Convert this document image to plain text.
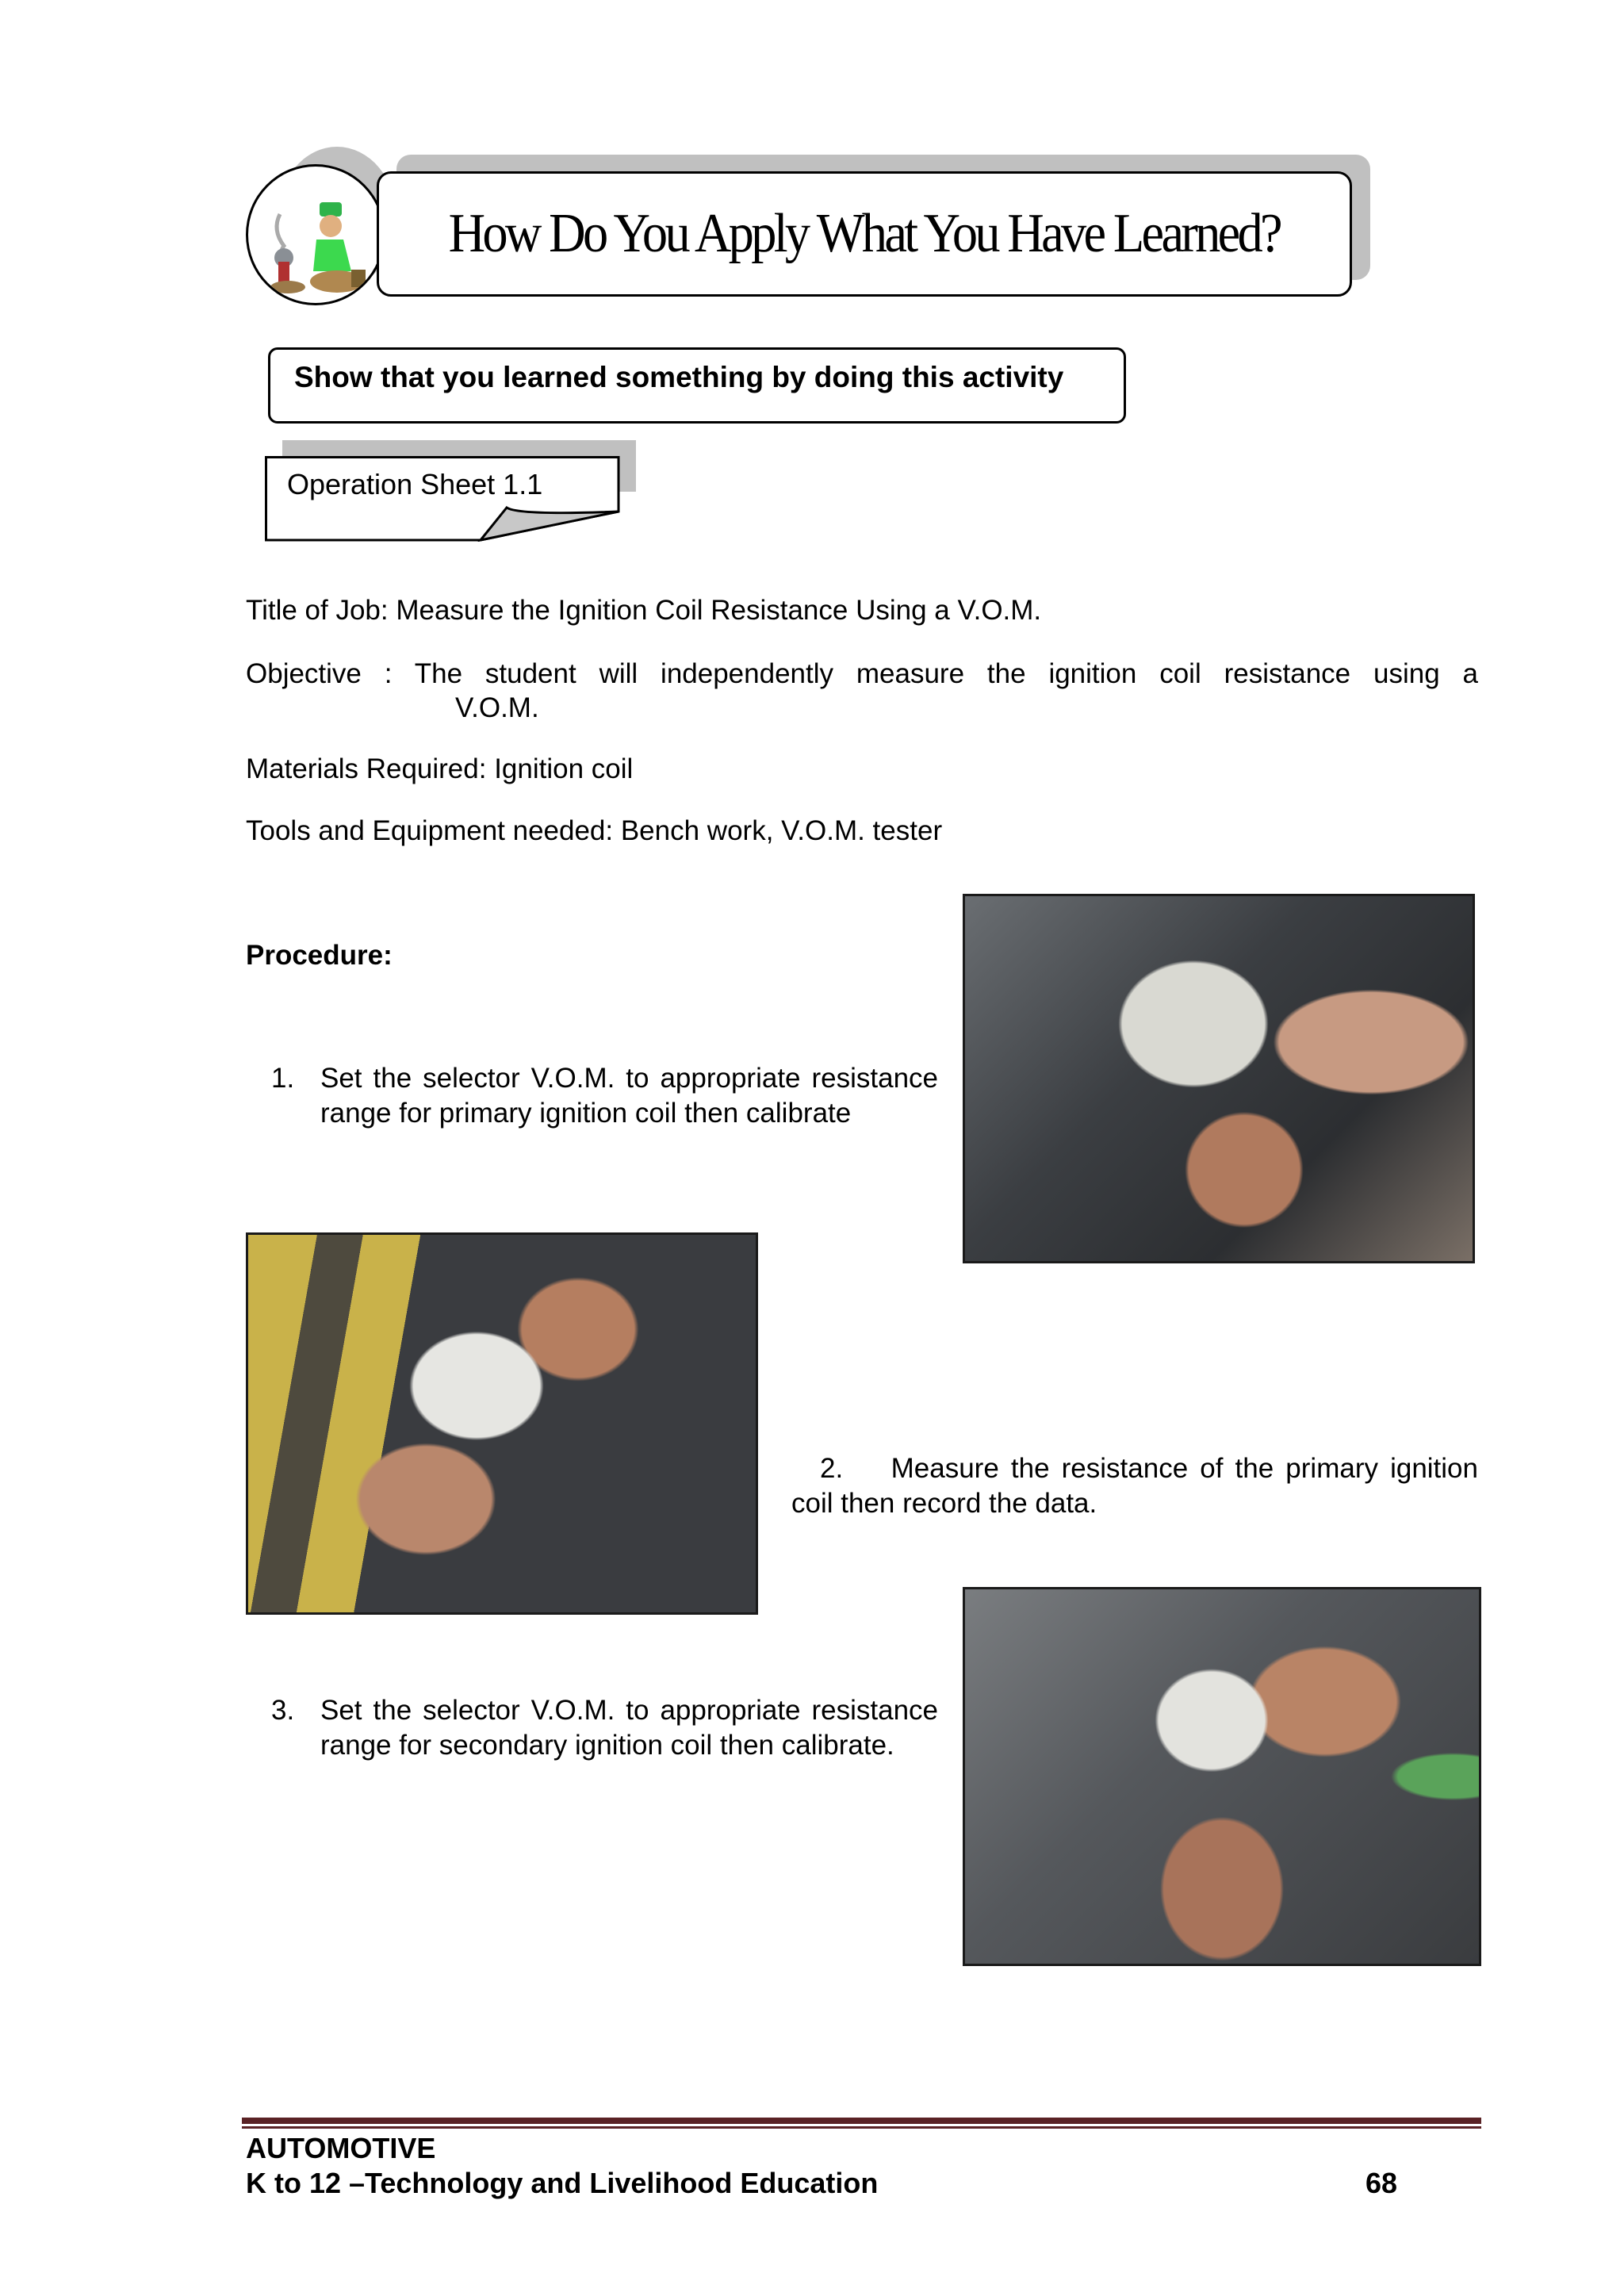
How Do You Apply What You Have Learned?
Show that you learned something by doing this activity
Operation Sheet 1.1
Title of Job: Measure the Ignition Coil Resistance Using a V.O.M.
Objective : The student will independently measure the ignition coil resistance using a
V.O.M.
Materials Required: Ignition coil
Tools and Equipment needed: Bench work, V.O.M. tester
Procedure:
1. Set the selector V.O.M. to appropriate resistance range for primary ignition coil then calibrate
2. Measure the resistance of the primary ignition coil then record the data.
3. Set the selector V.O.M. to appropriate resistance range for secondary ignition coil then calibrate.
AUTOMOTIVE
K to 12 –Technology and Livelihood Education	68
